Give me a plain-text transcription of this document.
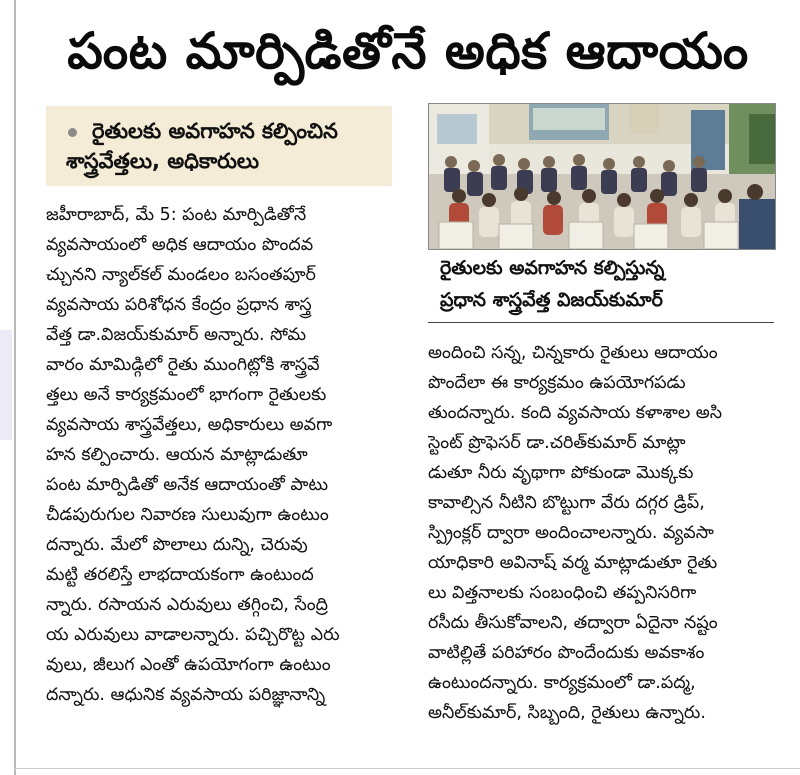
పంట మార్పిడితోనే అధిక ఆదాయం
రైతులకు అవగాహన కల్పించిన
శాస్త్రవేత్తలు, అధికారులు
రైతులకు అవగాహన కల్పిస్తున్న
ప్రధాన శాస్త్రవేత్త విజయ్‌కుమార్
జహీరాబాద్, మే 5: పంట మార్పిడితోనే
వ్యవసాయంలో అధిక ఆదాయం పొందవ
చ్చునని న్యాల్‌కల్ మండలం బసంతపూర్
వ్యవసాయ పరిశోధన కేంద్రం ప్రధాన శాస్త్ర
వేత్త డా.విజయ్‌కుమార్ అన్నారు. సోమ
వారం మామిడ్గిలో రైతు ముంగిట్లోకి శాస్త్రవే
త్తలు అనే కార్యక్రమంలో భాగంగా రైతులకు
వ్యవసాయ శాస్త్రవేత్తలు, అధికారులు అవగా
హన కల్పించారు. ఆయన మాట్లాడుతూ
పంట మార్పిడితో అనేక ఆదాయంతో పాటు
చీడపురుగుల నివారణ సులువుగా ఉంటుం
దన్నారు. మేలో పొలాలు దున్ని, చెరువు
మట్టి తరలిస్తే లాభదాయకంగా ఉంటుంద
న్నారు. రసాయన ఎరువులు తగ్గించి, సేంద్రి
య ఎరువులు వాడాలన్నారు. పచ్చిరొట్ట ఎరు
వులు, జీలుగ ఎంతో ఉపయోగంగా ఉంటుం
దన్నారు. ఆధునిక వ్యవసాయ పరిజ్ఞానాన్ని
అందించి సన్న, చిన్నకారు రైతులు ఆదాయం
పొందేలా ఈ కార్యక్రమం ఉపయోగపడు
తుందన్నారు. కంది వ్యవసాయ కళాశాల అసి
స్టెంట్ ప్రొఫెసర్ డా.చరిత్‌కుమార్ మాట్లా
డుతూ నీరు వృథాగా పోకుండా మొక్కకు
కావాల్సిన నీటిని బొట్టుగా వేరు దగ్గర డ్రిప్,
స్ప్రింక్లర్ ద్వారా అందించాలన్నారు. వ్యవసా
యాధికారి అవినాష్ వర్మ మాట్లాడుతూ రైతు
లు విత్తనాలకు సంబంధించి తప్పనిసరిగా
రసీదు తీసుకోవాలని, తద్వారా ఏదైనా నష్టం
వాటిల్లితే పరిహారం పొందేందుకు అవకాశం
ఉంటుందన్నారు. కార్యక్రమంలో డా.పద్మ,
అనీల్‌కుమార్, సిబ్బంది, రైతులు ఉన్నారు.
